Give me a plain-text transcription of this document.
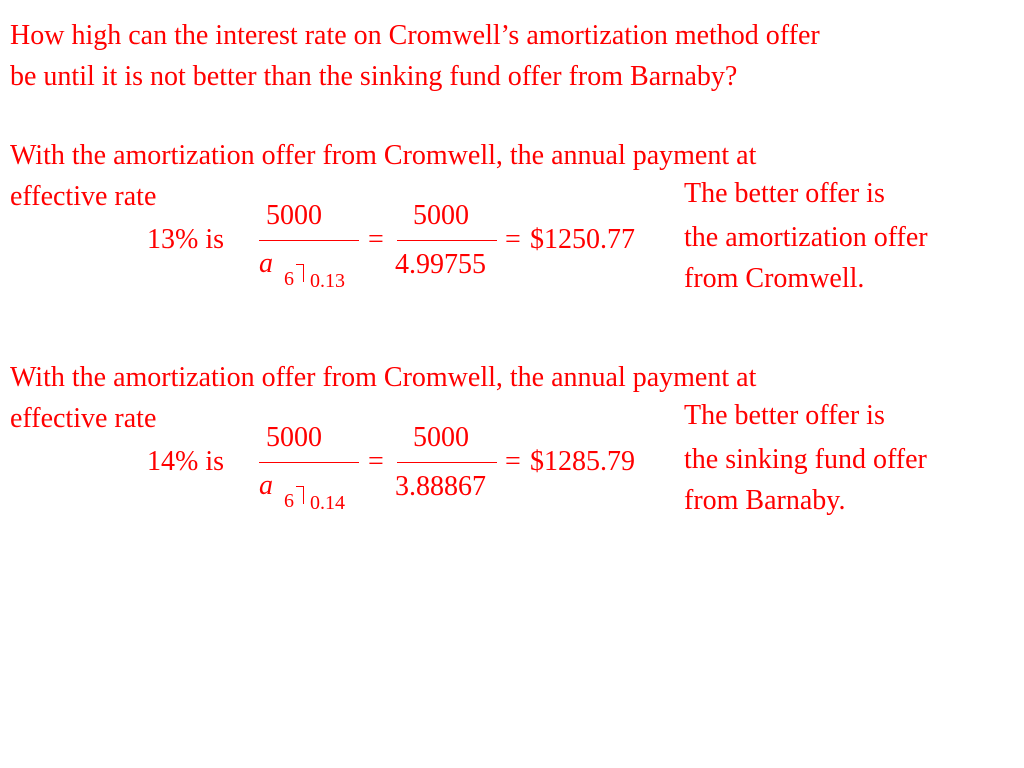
How high can the interest rate on Cromwell’s amortization method offer
be until it is not better than the sinking fund offer from Barnaby?
With the amortization offer from Cromwell, the annual payment at
effective rate
13% is
5000
a 6 0.13
=
5000
4.99755
= $1250.77
The better offer is
the amortization offer
from Cromwell.
With the amortization offer from Cromwell, the annual payment at
effective rate
14% is
5000
a 6 0.14
=
5000
3.88867
= $1285.79
The better offer is
the sinking fund offer
from Barnaby.
